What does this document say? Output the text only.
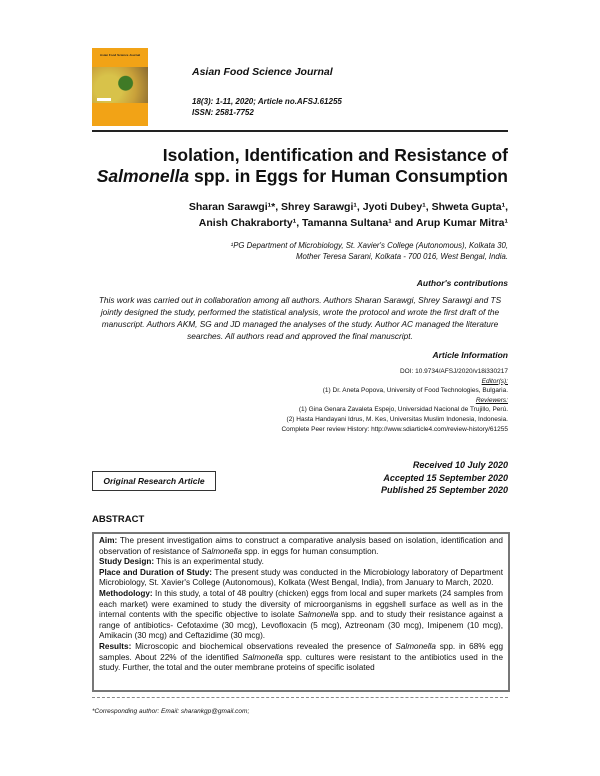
Asian Food Science Journal
Asian Food Science Journal
18(3): 1-11, 2020; Article no.AFSJ.61255
ISSN: 2581-7752
Isolation, Identification and Resistance of
Salmonella spp. in Eggs for Human Consumption
Sharan Sarawgi¹*, Shrey Sarawgi¹, Jyoti Dubey¹, Shweta Gupta¹,
Anish Chakraborty¹, Tamanna Sultana¹ and Arup Kumar Mitra¹
¹PG Department of Microbiology, St. Xavier's College (Autonomous), Kolkata 30,
Mother Teresa Sarani, Kolkata - 700 016, West Bengal, India.
Author's contributions
This work was carried out in collaboration among all authors. Authors Sharan Sarawgi, Shrey Sarawgi and TS jointly designed the study, performed the statistical analysis, wrote the protocol and wrote the first draft of the manuscript. Authors AKM, SG and JD managed the analyses of the study. Author AC managed the literature searches. All authors read and approved the final manuscript.
Article Information
DOI: 10.9734/AFSJ/2020/v18i330217
Editor(s):
(1) Dr. Aneta Popova, University of Food Technologies, Bulgaria.
Reviewers:
(1) Gina Genara Zavaleta Espejo, Universidad Nacional de Trujillo, Perú.
(2) Hasta Handayani Idrus, M. Kes, Universitas Muslim Indonesia, Indonesia.
Complete Peer review History: http://www.sdiarticle4.com/review-history/61255
Received 10 July 2020
Accepted 15 September 2020
Published 25 September 2020
Original Research Article
ABSTRACT

Aim: The present investigation aims to construct a comparative analysis based on isolation, identification and observation of resistance of Salmonella spp. in eggs for human consumption.

Study Design: This is an experimental study.

Place and Duration of Study: The present study was conducted in the Microbiology laboratory of Department Microbiology, St. Xavier's College (Autonomous), Kolkata (West Bengal, India), from January to March, 2020.

Methodology: In this study, a total of 48 poultry (chicken) eggs from local and super markets (24 samples from each market) were examined to study the diversity of microorganisms in eggshell surface as well as in the internal contents with the specific objective to isolate Salmonella spp. and to study their resistance against a range of antibiotics- Cefotaxime (30 mcg), Levofloxacin (5 mcg), Aztreonam (30 mcg), Imipenem (10 mcg), Amikacin (30 mcg) and Ceftazidime (30 mcg).

Results: Microscopic and biochemical observations revealed the presence of Salmonella spp. in 68% egg samples. About 22% of the identified Salmonella spp. cultures were resistant to the antibiotics used in the study. Further, the total and the outer membrane proteins of specific isolated

*Corresponding author: Email: sharankgp@gmail.com;
